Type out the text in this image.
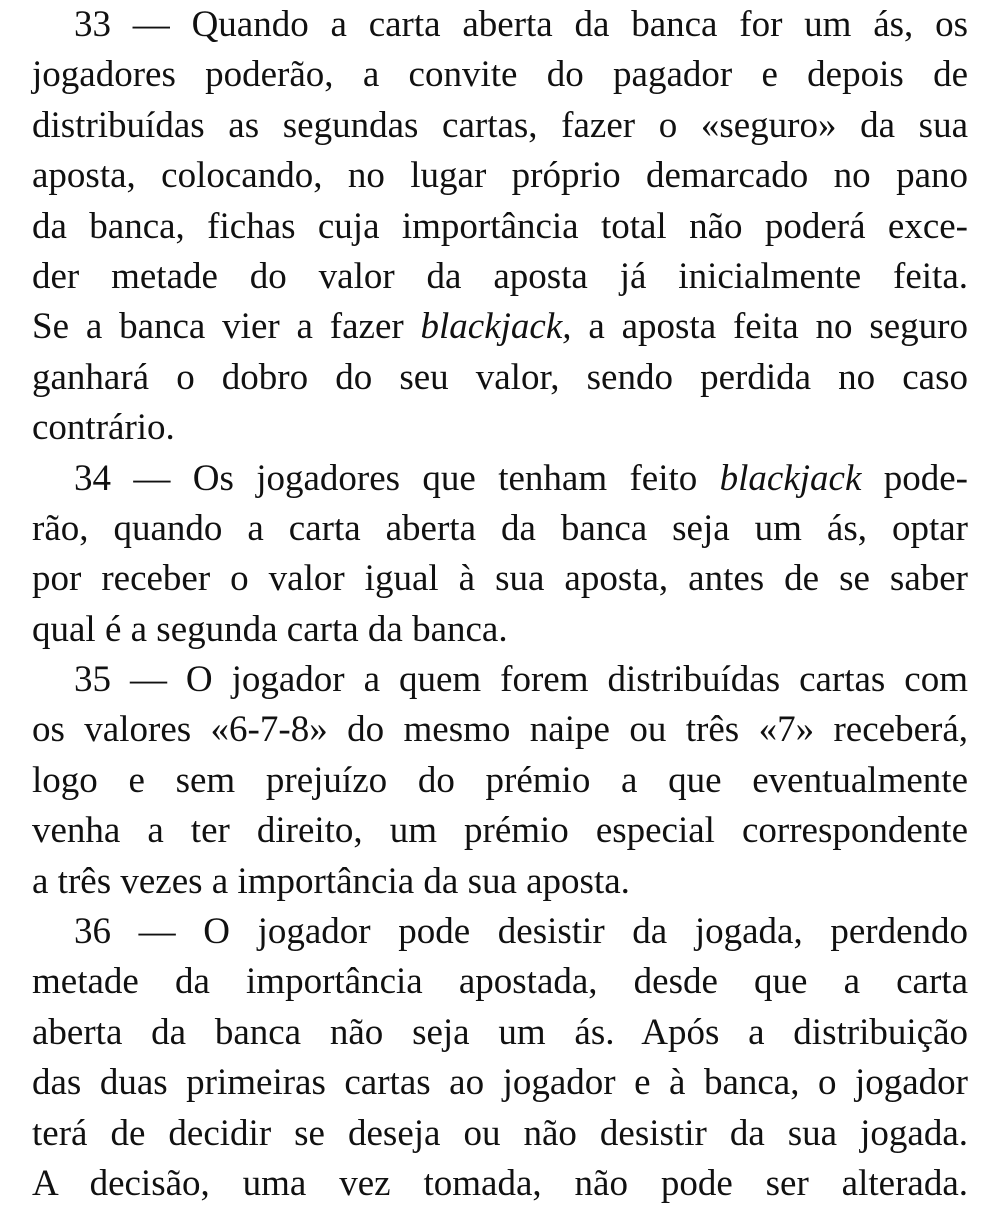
33 — Quando a carta aberta da banca for um ás, os
jogadores poderão, a convite do pagador e depois de
distribuídas as segundas cartas, fazer o «seguro» da sua
aposta, colocando, no lugar próprio demarcado no pano
da banca, fichas cuja importância total não poderá exce-
der metade do valor da aposta já inicialmente feita.
Se a banca vier a fazer blackjack, a aposta feita no seguro
ganhará o dobro do seu valor, sendo perdida no caso
contrário.
34 — Os jogadores que tenham feito blackjack pode-
rão, quando a carta aberta da banca seja um ás, optar
por receber o valor igual à sua aposta, antes de se saber
qual é a segunda carta da banca.
35 — O jogador a quem forem distribuídas cartas com
os valores «6-7-8» do mesmo naipe ou três «7» receberá,
logo e sem prejuízo do prémio a que eventualmente
venha a ter direito, um prémio especial correspondente
a três vezes a importância da sua aposta.
36 — O jogador pode desistir da jogada, perdendo
metade da importância apostada, desde que a carta
aberta da banca não seja um ás. Após a distribuição
das duas primeiras cartas ao jogador e à banca, o jogador
terá de decidir se deseja ou não desistir da sua jogada.
A decisão, uma vez tomada, não pode ser alterada.
